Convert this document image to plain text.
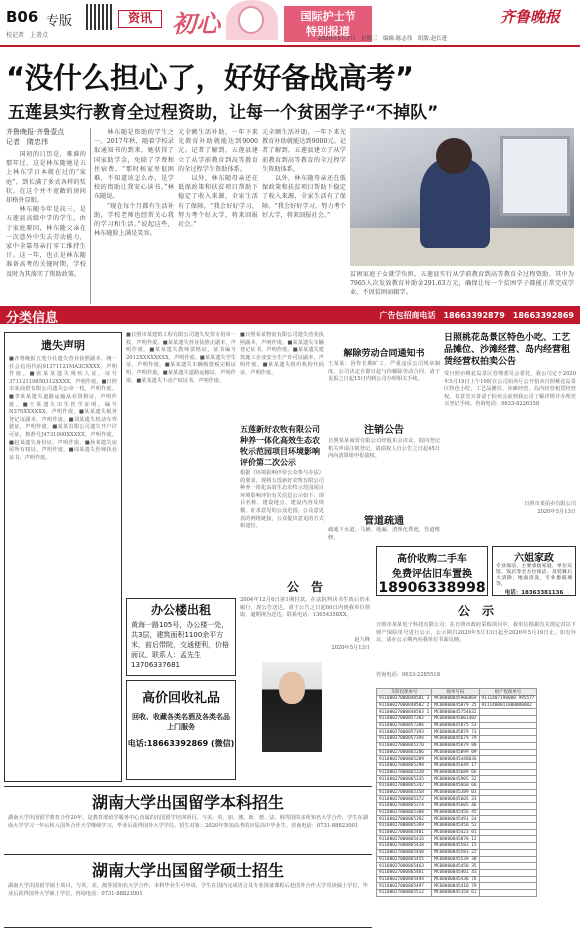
B06 专版
校记者　上署点
资讯 初心	国际护士节
特别报道
齐鲁晚报
2020年5月7日　星期三　编辑:陈志伟　组版:赵长进
“没什么担心了，好好备战高考”
五莲县实行教育全过程资助，让每一个贫困学子“不掉队”
齐鲁晚报·齐鲁壹点
记者　隋忠伟
　　国初的日历是，难谁的那年过，这是林东随她是五上林东学日本就在过的“家庭”。到长满了多式各样的奖状。在这个并不宽敞的房间却格外显眼。
　　林东随今年是高三，是五莲县高级中学的学生。由于家庭原因，林东随父亲在一次意外中失去劳动能力，家中全靠母亲打零工维持生计。这一年，也正是林东随准备高考的关键时期，学校及时为其落实了资助政策。
　　林东随是资助的学生之一。2017年秋，随着学校录取通知书的到来，她获得了国家助学金，免除了学费和住宿费。“那时候家里很困难，不知道该怎么办，是学校的资助让我安心读书。”林东随说。
　　“现在每个月都有生活补助，学校老师也经常关心我的学习和生活。”说起这些，林东随脸上满是笑容。
元全额生活补助，一年下来光教育补助就能达到9000元。记者了解到，五莲县建立了从学前教育到高等教育的全过程学生资助体系。
　　以外，林东随母亲还在低保政策和扶贫项目帮助下稳定了收入来源，全家生活有了保障。“我会好好学习，努力考个好大学，将来回报社会。”
元全额生活补助，一年下来光教育补助就能达到9000元。记者了解到，五莲县建立了从学前教育到高等教育的全过程学生资助体系。
　　以外，林东随母亲还在低保政策和扶贫项目帮助下稳定了收入来源，全家生活有了保障。“我会好好学习，努力考个好大学，将来回报社会。”
贫困家庭子女就学负担，五莲县实行从学前教育到高等教育全过程资助。其中为7965人次发放教育补助金291.63万元，确保让每一个贫困学子都能正常完成学业，不因贫困而辍学。
分类信息	广告包招商电话　18663392879　18663392869
遗失声明
■齐鲁晚报五莲分社遗失营业执照副本，统一社会信用代码91371121MA3CXXXX，声明作废。■张某某遗失残疾人证，证号37112119850312XXXX，声明作废。■日照市某商贸有限公司遗失公章一枚，声明作废。■李某某遗失道路运输从业资格证，声明作废。■王某遗失出生医学证明，编号N370XXXXXX，声明作废。■某某遗失税务登记证副本，声明作废。■刘某遗失机动车驾驶证，声明作废。■某某有限公司遗失开户许可证，核准号J4731000XXXXX，声明作废。■赵某遗失身份证，声明作废。■孙某遗失房屋所有权证，声明作废。■周某遗失医师执业证书，声明作废。
■日照市某建筑工程有限公司遗失发票专用章一枚，声明作废。■某某遗失营业执照正副本，声明作废。■某某遗失教师资格证，证书编号2012XXXXXXXX，声明作废。■某某遗失学生证，声明作废。■某某遗失车辆购置税完税证明，声明作废。■某某遗失道路运输证，声明作废。■某某遗失不动产权证书，声明作废。
办公楼出租
黄海一路105号，办公楼一处，共3层，建筑面积1100余平方米，前后带院，交通便利，价格面议。联系人：孟先生13706337681
高价回收礼品
回收、收藏各类名酒及各类名品　上门服务
电话:18663392869 (微信)
■日照某某物流有限公司遗失营业执照副本，声明作废。■某某遗失车辆登记证书，声明作废。■某某遗失建筑施工企业安全生产许可证副本，声明作废。■某某遗失组织机构代码证，声明作废。
五莲新好农牧有限公司种养一体化高效生态农牧示范园项目环境影响评价第二次公示
根据《环境影响评价公众参与办法》的要求，现将五莲新好农牧有限公司种养一体化高效生态农牧示范园项目环境影响评价有关信息公示如下：项目名称、建设地点、建设内容及规模，征求意见的公众范围，公众意见表的网络链接，公众提出意见的方式和途径。
公　告
2004年12月6日第1期付款，在法院判决书生效后仍未履行，现公告送达。请于公告之日起60日内到我单位领取，逾期视为送达。联系电话：13654358XX。
赵九峰
2020年5月13日
解除劳动合同通知书
王某某：因你长期旷工，严重违反公司规章制度，公司决定自即日起与你解除劳动合同，请于见报之日起15日内到公司办理相关手续。
注销公告
日照某某商贸有限公司经股东会决议，拟向登记机关申请注销登记，请债权人自公告之日起45日内向清算组申报债权。
管道疏通
疏通下水道、马桶、地漏，清理化粪池，管道维修。
高价收购二手车
免费评估旧车置换
18906338998
日照桃花岛景区特色小吃、工艺品摊位、沙滩经营、岛内经营租赁经营权拍卖公告
受日照市桃花岛景区管理委员会委托，我公司定于2020年5月19日上午10时在公司拍卖厅公开拍卖日照桃花岛景区特色小吃、工艺品摊位、沙滩经营、岛内经营租赁经营权。有意竞买者请于拍卖会前到我公司了解详情并办理竞买登记手续。咨询电话：0633-8226358
日照市某拍卖有限公司
2020年5月13日
六姐家政
专业保洁、主要承接家庭、单位宾馆、饭店等全方位保洁、及装修后大清除，地面清洗，专业擦玻璃等。
电话：18363381136
公　示
日照市某某电子科技有限公司：在日照市政府采购项目中，我单位根据有关规定对以下财产保险单号进行公示，公示期自2020年5月13日起至2020年5月19日止。如有异议，请在公示期内向我单位书面反映。
咨询电话：0633-2285518
车险投保单号	保单号码	财产投保单号
91100027000848501 3	MC08000045906869	9111407190000 995577
91100027000848502 2	MC08000045879 25	9111400011000000002
91100027000848503 1	MC08000045754632	
91100027000857382	MC08000045801482	
91100027000857386	MC08000045875 53	
91100027000857393	MC08000045879 73	
91100027000857394	MC08000045679 79	
91100027000865270	MC08000045879 88	
91100027000865286	MC08000045899 09	
91100027000865289	MC08000045448636	
91100027000865298	MC08000045649 17	
91100027000865320	MC08000045689 66	
91100027000865335	MC08000045905 32	
91100027000865342	MC08000045660 66	
91100027000865358	MC08000045389 03	
91100027000865372	MC08000045605 33	
91100027000865374	MC08000045605 46	
91100027000865388	MC08000045456 45	
91100027000865392	MC08000045491 24	
91100027000865399	MC08000045450 52	
91100027000865401	MC08000045423 01	
91100027000865416	MC08000045878 12	
91100027000865438	MC08000045583 15	
91100027000865440	MC08000045583 22	
91100027000865455	MC08000045539 38	
91100027000865463	MC08000045458 35	
91100027000865481	MC08000045401 43	
91100027000865494	MC08000045438 76	
91100027000865497	MC08000045410 79	
91100027000865512	MC08000045350 61	
湖南大学出国留学本科招生
湖南大学出国留学教育合作20年，是教育部留学服务中心直属的出国留学培训项目，与美、英、加、澳、新、德、法、韩等国的多所知名大学合作，学生在湖南大学学习一年后转入国外合作大学继续学习，毕业后获得国外大学学位。招生对象：2020年参加高考的应届高中毕业生。咨询电话：0731-88823001
湖南大学出国留学硕士招生
湖南大学出国留学硕士项目，与英、美、澳等国知名大学合作，本科毕业生可申请，学生在国内完成语言及专业预备课程后赴国外合作大学攻读硕士学位，毕业后获得国外大学硕士学位。咨询电话：0731-88823001
